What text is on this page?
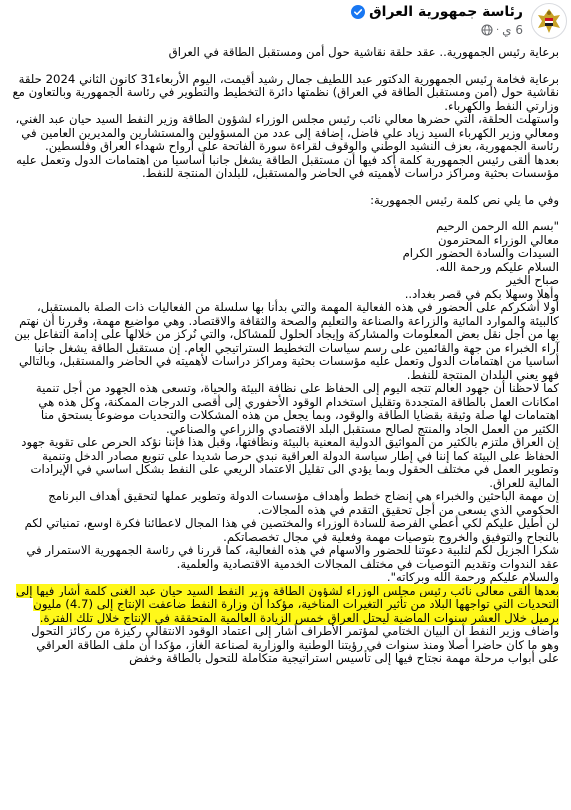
رئاسة جمهورية العراق
6 ي
·

برعاية رئيس الجمهورية.. عقد حلقة نقاشية حول أمن ومستقبل الطاقة في العراق

برعاية فخامة رئيس الجمهورية الدكتور عبد اللطيف جمال رشيد أقيمت، اليوم الأربعاء31 كانون الثاني 2024 حلقة نقاشية حول (أمن ومستقبل الطاقة في العراق) نظمتها دائرة التخطيط والتطوير في رئاسة الجمهورية وبالتعاون مع وزارتي النفط والكهرباء.

واستهلت الحلقة، التي حضرها معالي نائب رئيس مجلس الوزراء لشؤون الطاقة وزير النفط السيد حيان عبد الغني، ومعالي وزير الكهرباء السيد زياد علي فاضل، إضافة إلى عدد من المسؤولين والمستشارين والمديرين العامين في رئاسة الجمهورية، بعزف النشيد الوطني والوقوف لقراءة سورة الفاتحة على أرواح شهداء العراق وفلسطين.

بعدها ألقى رئيس الجمهورية كلمة أكد فيها أن مستقبل الطاقة يشغل جانبا أساسيا من اهتمامات الدول وتعمل عليه مؤسسات بحثية ومراكز دراسات لأهميته في الحاضر والمستقبل، للبلدان المنتجة للنفط.

وفي ما يلي نص كلمة رئيس الجمهورية:

"بسم الله الرحمن الرحيم
معالي الوزراء المحترمون
السيدات والسادة الحضور الكرام
السلام عليكم ورحمة الله.
صباح الخير
وأهلا وسهلا بكم في قصر بغداد..

أولا أشكركم على الحضور في هذه الفعالية المهمة والتي بدأنا بها سلسلة من الفعاليات ذات الصلة بالمستقبل، كالبيئة والموارد المائية والزراعة والصناعة والتعليم والصحة والثقافة والاقتصاد. وهي مواضيع مهمة، وقررنا أن نهتم بها من أجل نقل بعض المعلومات والمشاركة وإيجاد الحلول للمشاكل، والتي نُركز من خلالها على إدامة التفاعل بين آراء الخبراء من جهة والقائمين على رسم سياسات التخطيط الستراتيجي العام. إن مستقبل الطاقة يشغل جانبا أساسيا من اهتمامات الدول وتعمل عليه مؤسسات بحثية ومراكز دراسات لأهميته في الحاضر والمستقبل، وبالتالي فهو يعني البلدان المنتجة للنفط.

كما لاحظنا أن جهود العالم تتجه اليوم إلى الحفاظ على نظافة البيئة والحياة، وتسعى هذه الجهود من أجل تنمية امكانات العمل بالطاقة المتجددة وتقليل استخدام الوقود الأحفوري إلى أقصى الدرجات الممكنة، وكل هذه هي اهتمامات لها صلة وثيقة بقضايا الطاقة والوقود، وبما يجعل من هذه المشكلات والتحديات موضوعاً يستحق منا الكثير من العمل الجاد والمنتج لصالح مستقبل البلد الاقتصادي والزراعي والصناعي.

إن العراق ملتزم بالكثير من المواثيق الدولية المعنية بالبيئة ونظافتها، وقبل هذا فإننا نؤكد الحرص على تقوية جهود الحفاظ على البيئة كما إننا في إطار سياسة الدولة العراقية نبدي حرصا شديدا على تنويع مصادر الدخل وتنمية وتطوير العمل في مختلف الحقول وبما يؤدي الى تقليل الاعتماد الريعي على النفط بشكل اساسي في الإيرادات المالية للعراق.

إن مهمة الباحثين والخبراء هي إنضاج خطط وأهداف مؤسسات الدولة وتطوير عملها لتحقيق أهداف البرنامج الحكومي الذي يسعى من أجل تحقيق التقدم في هذه المجالات.

لن أطيل عليكم لكي أعطي الفرصة للسادة الوزراء والمختصين في هذا المجال لاعطائنا فكرة اوسع، تمنياتي لكم بالنجاح والتوفيق والخروج بتوصيات مهمة وفعلية في مجال تخصصاتكم.

شكرا الجزيل لكم لتلبية دعوتنا للحضور والاسهام في هذه الفعالية، كما قررنا في رئاسة الجمهورية الاستمرار في عقد الندوات وتقديم التوصيات في مختلف المجالات الخدمية الاقتصادية والعلمية.

والسلام عليكم ورحمة الله وبركاته".

بعدها ألقى معالي نائب رئيس مجلس الوزراء لشؤون الطاقة وزير النفط السيد حيان عبد الغني كلمة أشار فيها إلى التحديات التي تواجهها البلاد من تأثير التغيرات المناخية، مؤكدا أن وزارة النفط ضاعفت الإنتاج إلى (4.7) مليون برميل خلال العشر سنوات الماضية ليحتل العراق خمس الزيادة العالمية المتحققة في الإنتاج خلال تلك الفترة.

وأضاف وزير النفط أن البيان الختامي لمؤتمر الأطراف أشار إلى اعتماد الوقود الانتقالي ركيزة من ركائز التحول وهو ما كان حاضرا أصلا ومنذ سنوات في رؤيتنا الوطنية والوزارية لصناعة الغاز، مؤكدا أن ملف الطاقة العراقي على أبواب مرحلة مهمة نجتاح فيها إلى تأسيس استراتيجية متكاملة للتحول بالطاقة وخفض
